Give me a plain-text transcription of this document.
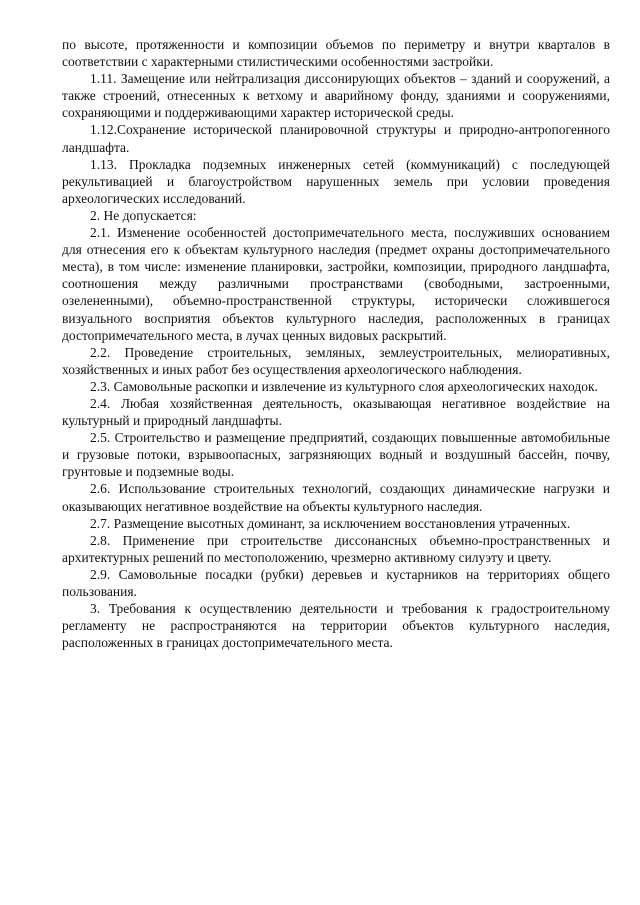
по высоте, протяженности и композиции объемов по периметру и внутри кварталов в соответствии с характерными стилистическими особенностями застройки.

1.11. Замещение или нейтрализация диссонирующих объектов – зданий и сооружений, а также строений, отнесенных к ветхому и аварийному фонду, зданиями и сооружениями, сохраняющими и поддерживающими характер исторической среды.

1.12.Сохранение исторической планировочной структуры и природно-антропогенного ландшафта.

1.13. Прокладка подземных инженерных сетей (коммуникаций) с последующей рекультивацией и благоустройством нарушенных земель при условии проведения археологических исследований.

2. Не допускается:

2.1. Изменение особенностей достопримечательного места, послуживших основанием для отнесения его к объектам культурного наследия (предмет охраны достопримечательного места), в том числе: изменение планировки, застройки, композиции, природного ландшафта, соотношения между различными пространствами (свободными, застроенными, озелененными), объемно-пространственной структуры, исторически сложившегося визуального восприятия объектов культурного наследия, расположенных в границах достопримечательного места, в лучах ценных видовых раскрытий.

2.2. Проведение строительных, земляных, землеустроительных, мелиоративных, хозяйственных и иных работ без осуществления археологического наблюдения.

2.3. Самовольные раскопки и извлечение из культурного слоя археологических находок.

2.4. Любая хозяйственная деятельность, оказывающая негативное воздействие на культурный и природный ландшафты.

2.5. Строительство и размещение предприятий, создающих повышенные автомобильные и грузовые потоки, взрывоопасных, загрязняющих водный и воздушный бассейн, почву, грунтовые и подземные воды.

2.6. Использование строительных технологий, создающих динамические нагрузки и оказывающих негативное воздействие на объекты культурного наследия.

2.7. Размещение высотных доминант, за исключением восстановления утраченных.

2.8. Применение при строительстве диссонансных объемно-пространственных и архитектурных решений по местоположению, чрезмерно активному силуэту и цвету.

2.9. Самовольные посадки (рубки) деревьев и кустарников на территориях общего пользования.

3. Требования к осуществлению деятельности и требования к градостроительному регламенту не распространяются на территории объектов культурного наследия, расположенных в границах достопримечательного места.
